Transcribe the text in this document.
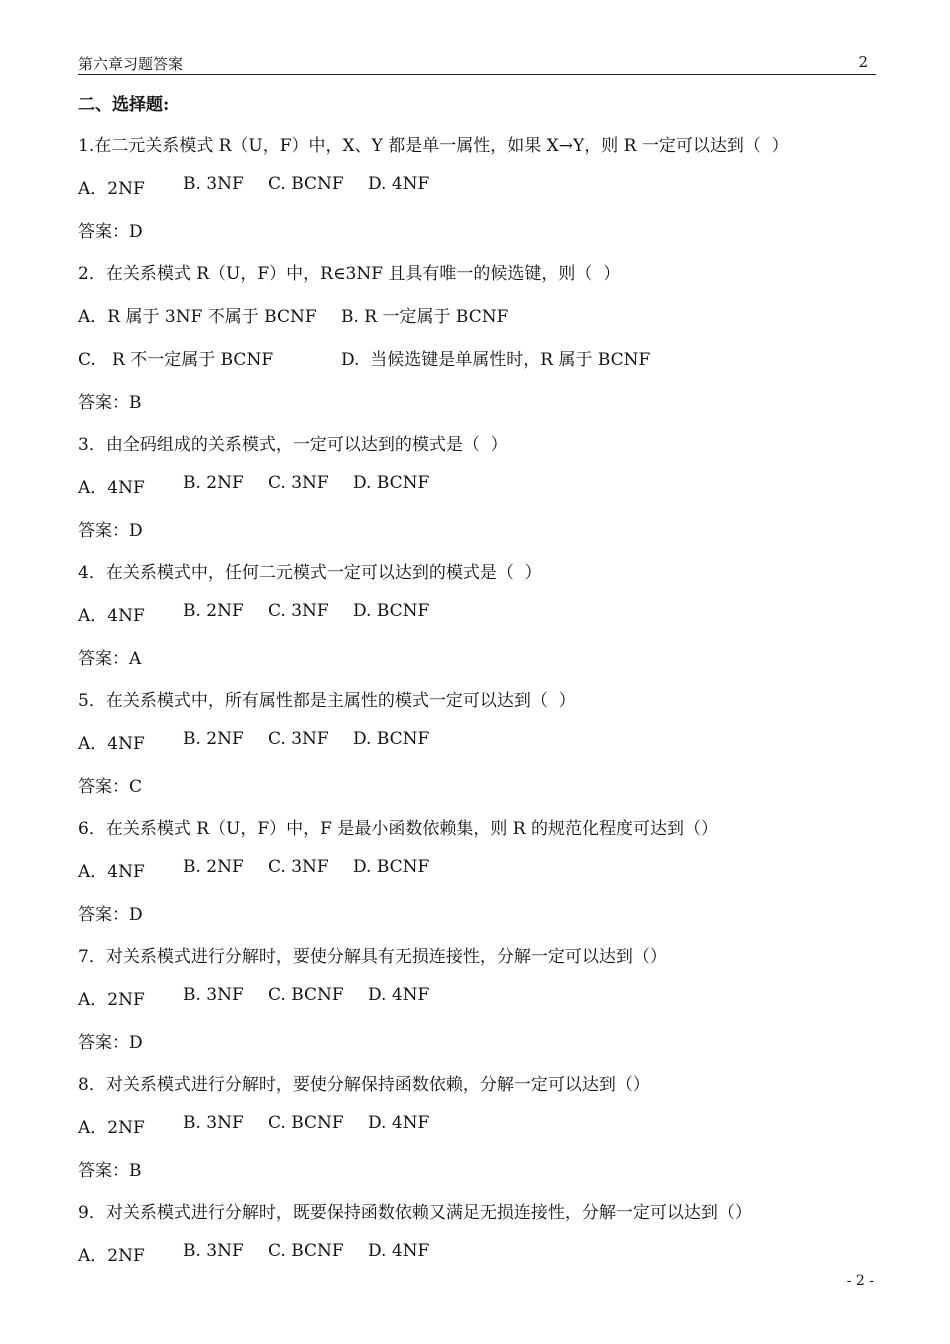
第六章习题答案	2
二、选择题:
1.在二元关系模式 R（U，F）中，X、Y 都是单一属性，如果 X→Y，则 R 一定可以达到（  ）
A．2NF B. 3NF C. BCNF D. 4NF
答案：D
2．在关系模式 R（U，F）中，R∈3NF 且具有唯一的候选键，则（  ）
A．R 属于 3NF 不属于 BCNF B. R 一定属于 BCNF
C.   R 不一定属于 BCNF	D.  当候选键是单属性时，R 属于 BCNF
答案：B
3．由全码组成的关系模式，一定可以达到的模式是（  ）
A．4NF B. 2NF C. 3NF D. BCNF
答案：D
4．在关系模式中，任何二元模式一定可以达到的模式是（  ）
A．4NF B. 2NF C. 3NF D. BCNF
答案：A
5．在关系模式中，所有属性都是主属性的模式一定可以达到（  ）
A．4NF B. 2NF C. 3NF D. BCNF
答案：C
6．在关系模式 R（U，F）中，F 是最小函数依赖集，则 R 的规范化程度可达到（）
A．4NF B. 2NF C. 3NF D. BCNF
答案：D
7．对关系模式进行分解时，要使分解具有无损连接性，分解一定可以达到（）
A．2NF B. 3NF C. BCNF D. 4NF
答案：D
8．对关系模式进行分解时，要使分解保持函数依赖，分解一定可以达到（）
A．2NF B. 3NF C. BCNF D. 4NF
答案：B
9．对关系模式进行分解时，既要保持函数依赖又满足无损连接性，分解一定可以达到（）
A．2NF B. 3NF C. BCNF D. 4NF
- 2 -
